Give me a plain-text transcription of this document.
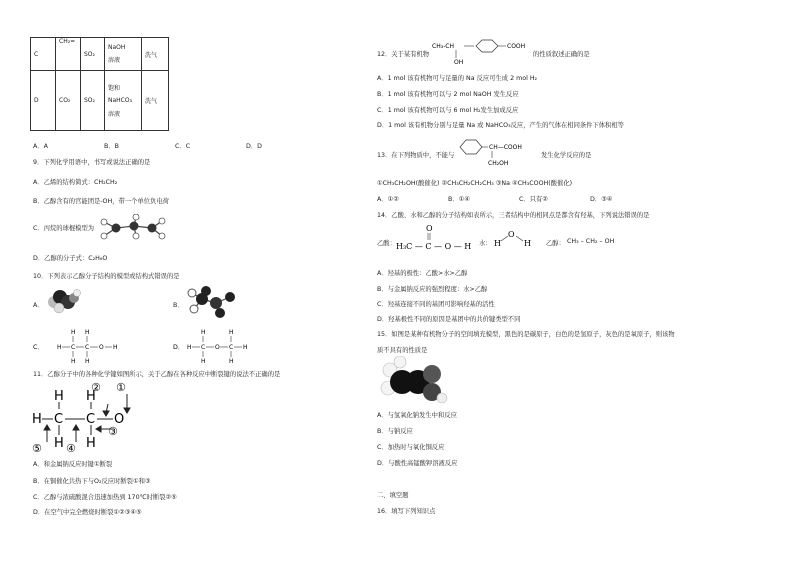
C	CH₂=	SO₂	NaOH
溶液	洗气
D	CO₂	SO₂	饱和
NaHCO₃
溶液	洗气
A．A	B．B	C．C	D．D
9．下列化学用语中，书写或说法正确的是
A．乙烯的结构简式：CH₂CH₂
B．乙醇含有的官能团是-OH，带一个单位负电荷
C．丙烷的球棍模型为
D．乙醇的分子式：C₂H₆O
10．下列表示乙醇分子结构的模型或结构式错误的是
A．	B．
C． H C C O H
H H
H H
D． H C O C H
H	H
H	H
11．乙醇分子中的各种化学键如图所示，关于乙醇在各种反应中断裂键的说法不正确的是
H H
H C C O
H H
② ①
③
⑤ ④
A．和金属钠反应时键①断裂
B．在铜催化共热下与O₂反应时断裂①和③
C．乙醇与浓硫酸混合迅速加热到 170℃时断裂②⑤
D．在空气中完全燃烧时断裂①②③④⑤
12．关于某有机物
CH₃-CH
OH
COOH
的性质叙述正确的是
A．1 mol 该有机物可与足量的 Na 反应可生成 2 mol H₂
B．1 mol 该有机物可以与 2 mol NaOH 发生反应
C．1 mol 该有机物可以与 6 mol H₂发生加成反应
D．1 mol 该有机物分别与足量 Na 或 NaHCO₃反应，产生的气体在相同条件下体积相等
13．在下列物质中，不能与
CH—COOH
CH₂OH
发生化学反应的是
①CH₃CH₂OH(酸催化) ②CH₃CH₂CH₂CH₃ ③Na ④CH₃COOH(酸催化)
A．①②	B．①④	C．只有②	D．③④
14．乙酸、水和乙醇的分子结构如表所示，三者结构中的相同点是都含有羟基，下列说法错误的是
乙酸：
O
H₃C — C — O — H 水：
O
H	H 乙醇： CH₃ – CH₂ – OH
A．羟基的极性：乙酸>水>乙醇
B．与金属钠反应的强烈程度：水>乙醇
C．羟基连接不同的基团可影响羟基的活性
D．羟基极性不同的原因是基团中的共价键类型不同
15．如图是某种有机物分子的空间填充模型，黑色的是碳原子，白色的是氢原子，灰色的是氧原子，则该物
质不具有的性质是
A．与氢氧化钠发生中和反应
B．与钠反应
C．加热时与氧化铜反应
D．与酸性高锰酸钾溶液反应
二、填空题
16．填写下列知识点
